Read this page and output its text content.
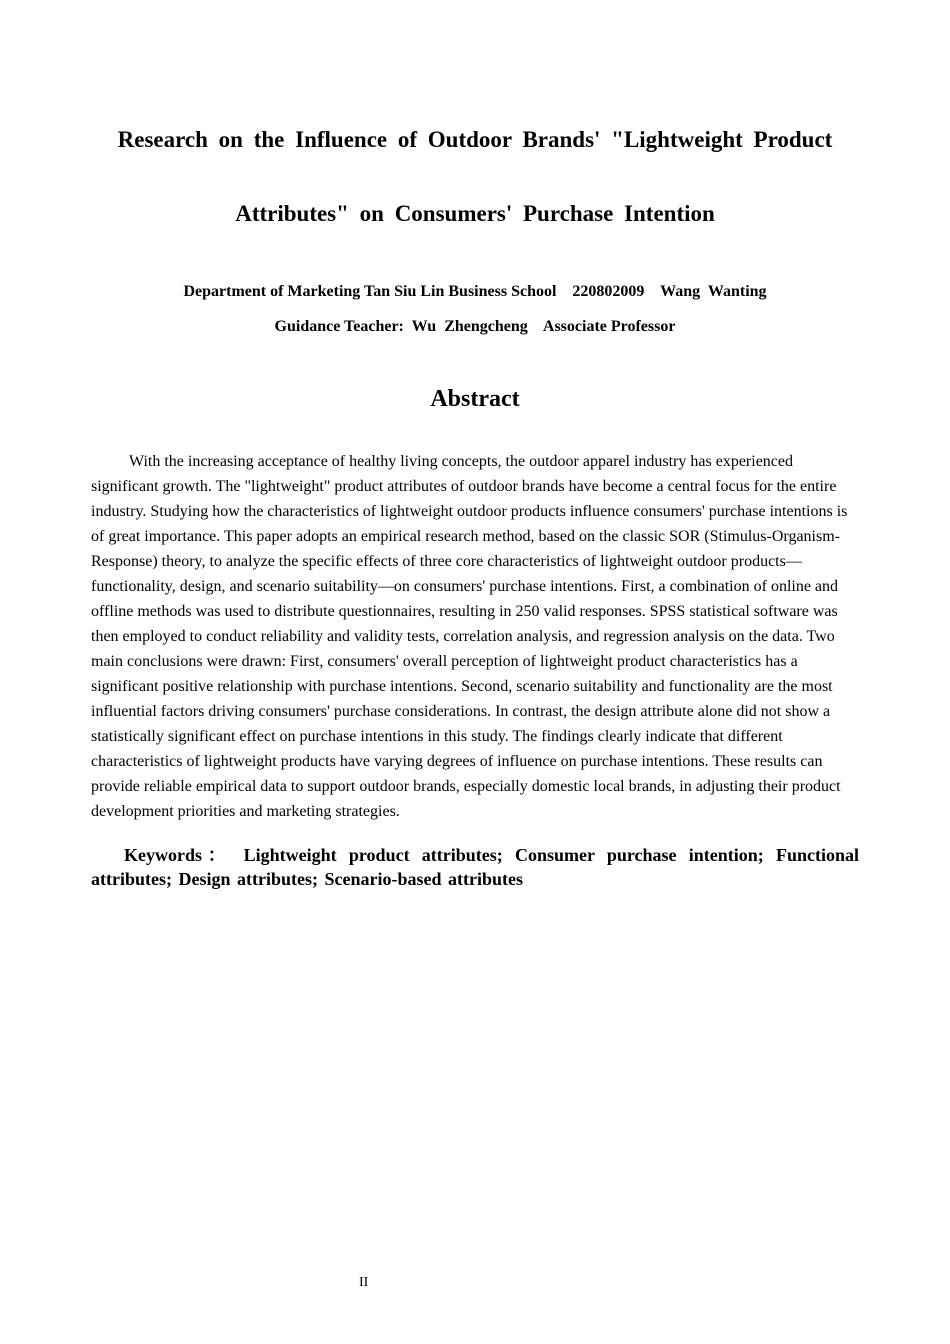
Research on the Influence of Outdoor Brands' "Lightweight Product
Attributes" on Consumers' Purchase Intention
Department of Marketing Tan Siu Lin Business School    220802009    Wang  Wanting
Guidance Teacher:  Wu  Zhengcheng    Associate Professor
Abstract

With the increasing acceptance of healthy living concepts, the outdoor apparel industry has experienced significant growth. The "lightweight" product attributes of outdoor brands have become a central focus for the entire industry. Studying how the characteristics of lightweight outdoor products influence consumers' purchase intentions is of great importance. This paper adopts an empirical research method, based on the classic SOR (Stimulus-Organism-Response) theory, to analyze the specific effects of three core characteristics of lightweight outdoor products—functionality, design, and scenario suitability—on consumers' purchase intentions. First, a combination of online and offline methods was used to distribute questionnaires, resulting in 250 valid responses. SPSS statistical software was then employed to conduct reliability and validity tests, correlation analysis, and regression analysis on the data. Two main conclusions were drawn: First, consumers' overall perception of lightweight product characteristics has a significant positive relationship with purchase intentions. Second, scenario suitability and functionality are the most influential factors driving consumers' purchase considerations. In contrast, the design attribute alone did not show a statistically significant effect on purchase intentions in this study. The findings clearly indicate that different characteristics of lightweight products have varying degrees of influence on purchase intentions. These results can provide reliable empirical data to support outdoor brands, especially domestic local brands, in adjusting their product development priorities and marketing strategies.

Keywords： Lightweight product attributes; Consumer purchase intention; Functional attributes; Design attributes; Scenario-based attributes

II
